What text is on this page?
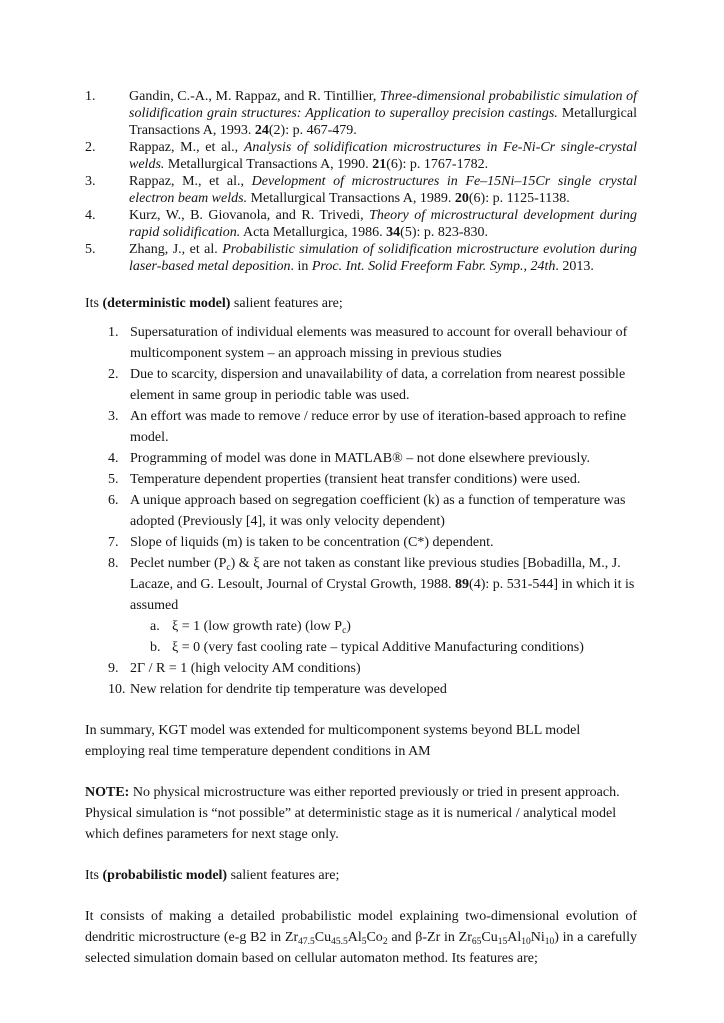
1. Gandin, C.-A., M. Rappaz, and R. Tintillier, Three-dimensional probabilistic simulation of solidification grain structures: Application to superalloy precision castings. Metallurgical Transactions A, 1993. 24(2): p. 467-479.
2. Rappaz, M., et al., Analysis of solidification microstructures in Fe-Ni-Cr single-crystal welds. Metallurgical Transactions A, 1990. 21(6): p. 1767-1782.
3. Rappaz, M., et al., Development of microstructures in Fe–15Ni–15Cr single crystal electron beam welds. Metallurgical Transactions A, 1989. 20(6): p. 1125-1138.
4. Kurz, W., B. Giovanola, and R. Trivedi, Theory of microstructural development during rapid solidification. Acta Metallurgica, 1986. 34(5): p. 823-830.
5. Zhang, J., et al. Probabilistic simulation of solidification microstructure evolution during laser-based metal deposition. in Proc. Int. Solid Freeform Fabr. Symp., 24th. 2013.
Its (deterministic model) salient features are;
1. Supersaturation of individual elements was measured to account for overall behaviour of multicomponent system – an approach missing in previous studies
2. Due to scarcity, dispersion and unavailability of data, a correlation from nearest possible element in same group in periodic table was used.
3. An effort was made to remove / reduce error by use of iteration-based approach to refine model.
4. Programming of model was done in MATLAB® – not done elsewhere previously.
5. Temperature dependent properties (transient heat transfer conditions) were used.
6. A unique approach based on segregation coefficient (k) as a function of temperature was adopted (Previously [4], it was only velocity dependent)
7. Slope of liquids (m) is taken to be concentration (C*) dependent.
8. Peclet number $(P_c)$ & ξ are not taken as constant like previous studies [Bobadilla, M., J. Lacaze, and G. Lesoult, Journal of Crystal Growth, 1988. 89(4): p. 531-544] in which it is assumed
a. ξ = 1 (low growth rate) (low $P_c$)
b. ξ = 0 (very fast cooling rate – typical Additive Manufacturing conditions)
9. 2Γ / R = 1 (high velocity AM conditions)
10. New relation for dendrite tip temperature was developed
In summary, KGT model was extended for multicomponent systems beyond BLL model employing real time temperature dependent conditions in AM
NOTE: No physical microstructure was either reported previously or tried in present approach. Physical simulation is “not possible” at deterministic stage as it is numerical / analytical model which defines parameters for next stage only.
Its (probabilistic model) salient features are;
It consists of making a detailed probabilistic model explaining two-dimensional evolution of dendritic microstructure (e-g B2 in $Zr_{47.5}Cu_{45.5}Al_5Co_2$ and β-Zr in $Zr_{65}Cu_{15}Al_{10}Ni_{10}$) in a carefully selected simulation domain based on cellular automaton method. Its features are;
